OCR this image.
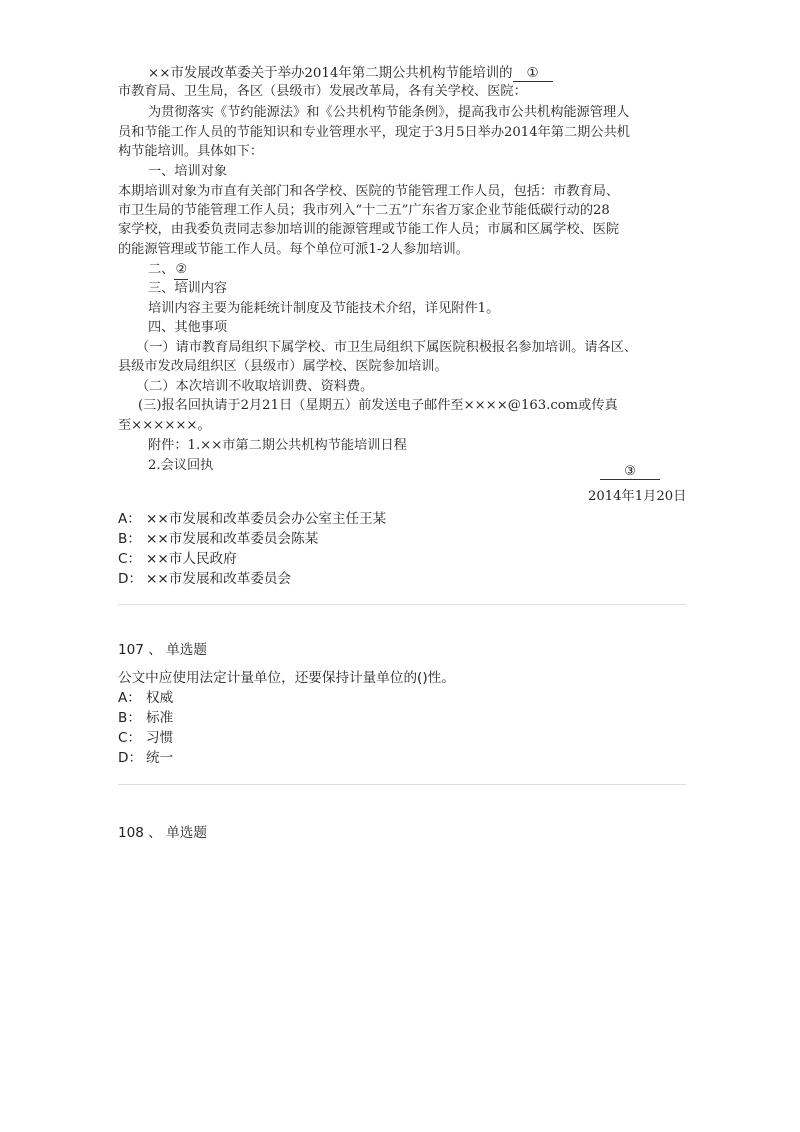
××市发展改革委关于举办2014年第二期公共机构节能培训的 ①
市教育局、卫生局，各区（县级市）发展改革局，各有关学校、医院：
为贯彻落实《节约能源法》和《公共机构节能条例》，提高我市公共机构能源管理人
员和节能工作人员的节能知识和专业管理水平，现定于3月5日举办2014年第二期公共机
构节能培训。具体如下：
一、培训对象
本期培训对象为市直有关部门和各学校、医院的节能管理工作人员，包括：市教育局、
市卫生局的节能管理工作人员；我市列入“十二五”广东省万家企业节能低碳行动的28
家学校，由我委负责同志参加培训的能源管理或节能工作人员；市属和区属学校、医院
的能源管理或节能工作人员。每个单位可派1-2人参加培训。
二、②
三、培训内容
培训内容主要为能耗统计制度及节能技术介绍，详见附件1。
四、其他事项
（一）请市教育局组织下属学校、市卫生局组织下属医院积极报名参加培训。请各区、
县级市发改局组织区（县级市）属学校、医院参加培训。
（二）本次培训不收取培训费、资料费。
(三)报名回执请于2月21日（星期五）前发送电子邮件至××××@163.com或传真
至××××××。
附件：1.××市第二期公共机构节能培训日程
2.会议回执	③
2014年1月20日
A： ××市发展和改革委员会办公室主任王某
B： ××市发展和改革委员会陈某
C： ××市人民政府
D： ××市发展和改革委员会
107 、 单选题
公文中应使用法定计量单位，还要保持计量单位的()性。
A： 权威
B： 标准
C： 习惯
D： 统一
108 、 单选题
